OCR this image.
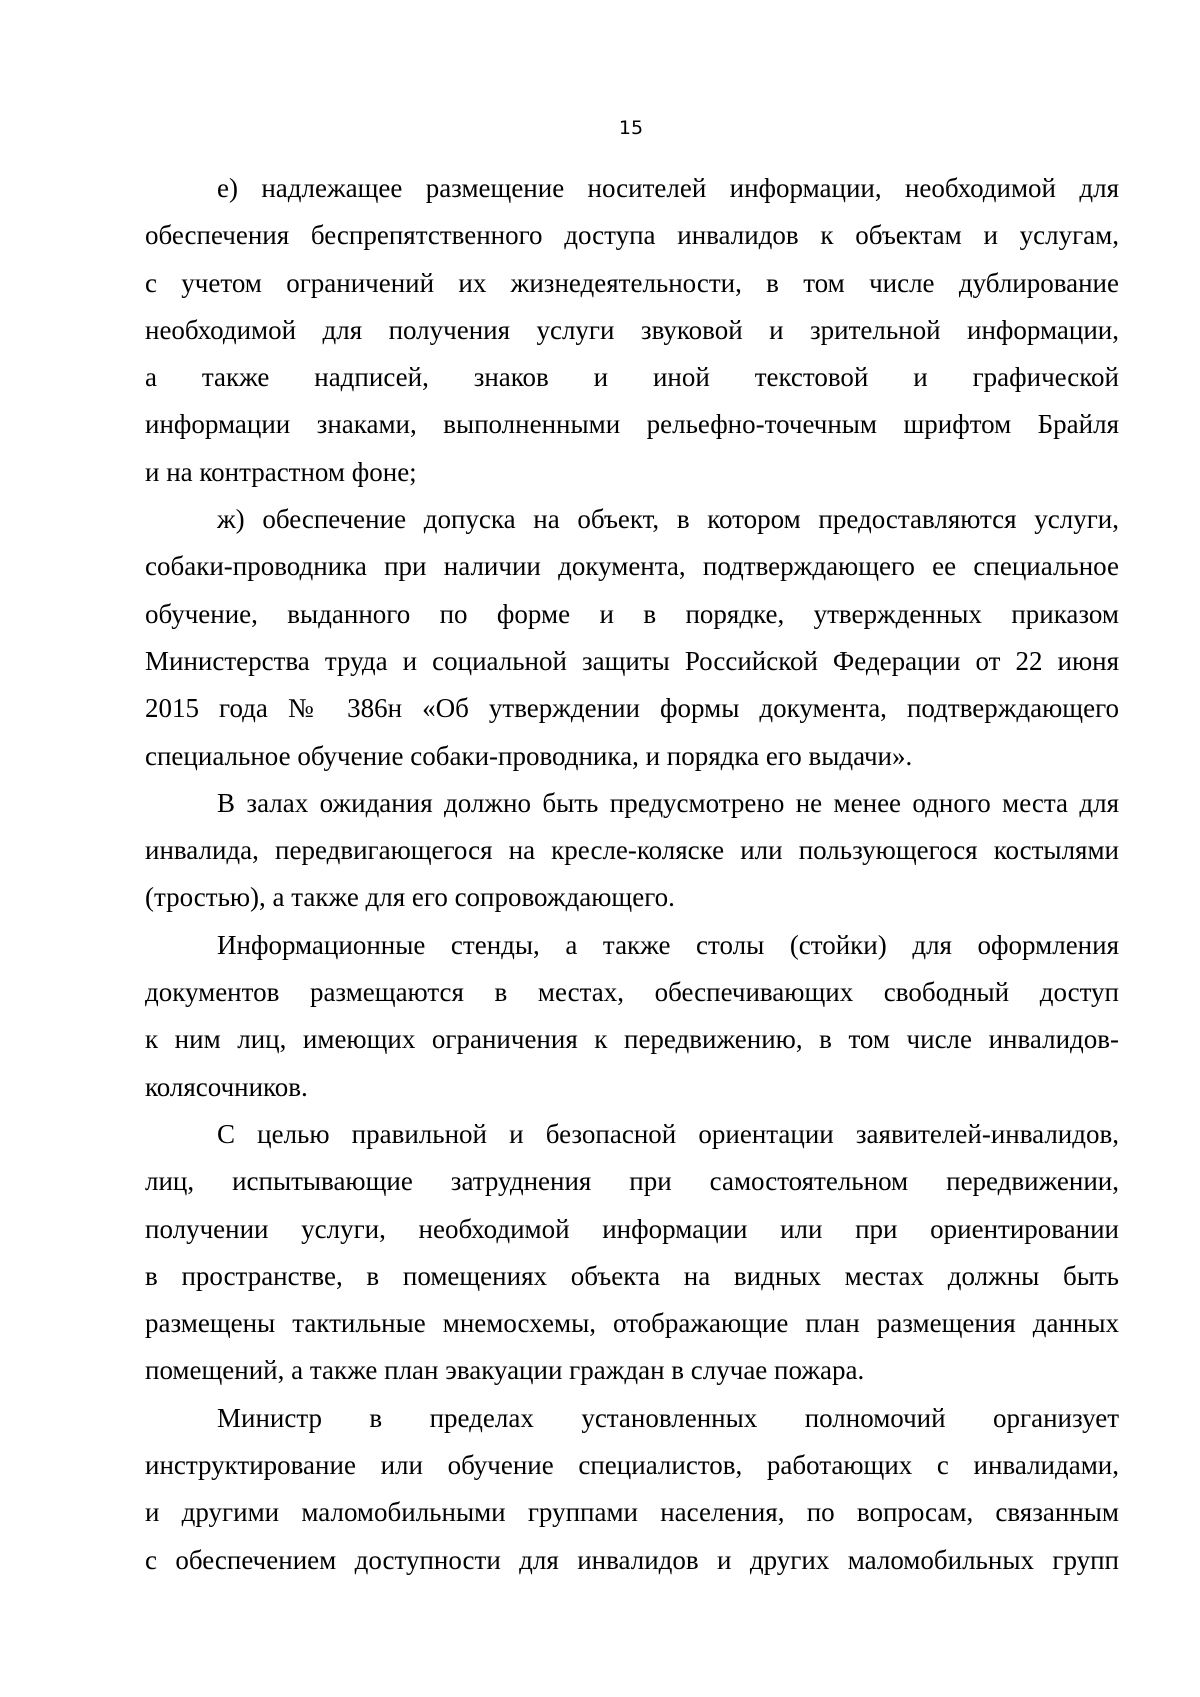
15
е) надлежащее размещение носителей информации, необходимой для
обеспечения беспрепятственного доступа инвалидов к объектам и услугам,
с учетом ограничений их жизнедеятельности, в том числе дублирование
необходимой для получения услуги звуковой и зрительной информации,
а также надписей, знаков и иной текстовой и графической
информации знаками, выполненными рельефно-точечным шрифтом Брайля
и на контрастном фоне;
ж) обеспечение допуска на объект, в котором предоставляются услуги,
собаки-проводника при наличии документа, подтверждающего ее специальное
обучение, выданного по форме и в порядке, утвержденных приказом
Министерства труда и социальной защиты Российской Федерации от 22 июня
2015 года № 386н «Об утверждении формы документа, подтверждающего
специальное обучение собаки-проводника, и порядка его выдачи».
В залах ожидания должно быть предусмотрено не менее одного места для
инвалида, передвигающегося на кресле-коляске или пользующегося костылями
(тростью), а также для его сопровождающего.
Информационные стенды, а также столы (стойки) для оформления
документов размещаются в местах, обеспечивающих свободный доступ
к ним лиц, имеющих ограничения к передвижению, в том числе инвалидов-
колясочников.
С целью правильной и безопасной ориентации заявителей-инвалидов,
лиц, испытывающие затруднения при самостоятельном передвижении,
получении услуги, необходимой информации или при ориентировании
в пространстве, в помещениях объекта на видных местах должны быть
размещены тактильные мнемосхемы, отображающие план размещения данных
помещений, а также план эвакуации граждан в случае пожара.
Министр в пределах установленных полномочий организует
инструктирование или обучение специалистов, работающих с инвалидами,
и другими маломобильными группами населения, по вопросам, связанным
с обеспечением доступности для инвалидов и других маломобильных групп
